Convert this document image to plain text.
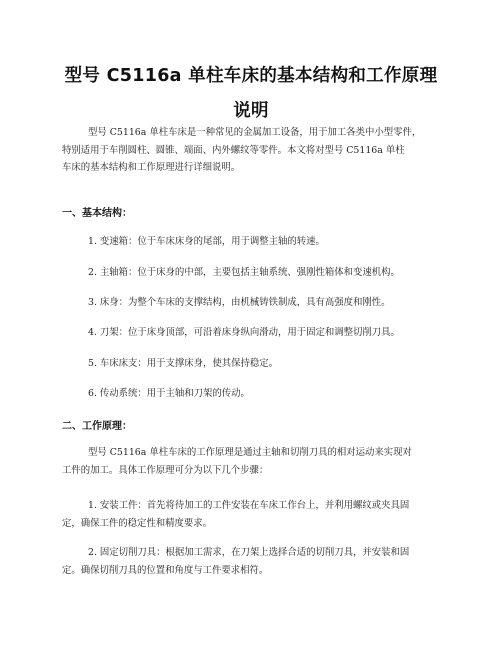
型号 C5116a 单柱车床的基本结构和工作原理
说明

型号 C5116a 单柱车床是一种常见的金属加工设备，用于加工各类中小型零件，
特别适用于车削圆柱、圆锥、端面、内外螺纹等零件。本文将对型号 C5116a 单柱
车床的基本结构和工作原理进行详细说明。

一、基本结构：

1. 变速箱：位于车床床身的尾部，用于调整主轴的转速。

2. 主轴箱：位于床身的中部，主要包括主轴系统、强刚性箱体和变速机构。

3. 床身：为整个车床的支撑结构，由机械铸铁制成，具有高强度和刚性。

4. 刀架：位于床身顶部，可沿着床身纵向滑动，用于固定和调整切削刀具。

5. 车床床支：用于支撑床身，使其保持稳定。

6. 传动系统：用于主轴和刀架的传动。

二、工作原理：

型号 C5116a 单柱车床的工作原理是通过主轴和切削刀具的相对运动来实现对
工件的加工。具体工作原理可分为以下几个步骤：

1. 安装工件：首先将待加工的工件安装在车床工作台上，并利用螺纹或夹具固
定，确保工件的稳定性和精度要求。

2. 固定切削刀具：根据加工需求，在刀架上选择合适的切削刀具，并安装和固
定。确保切削刀具的位置和角度与工件要求相符。
